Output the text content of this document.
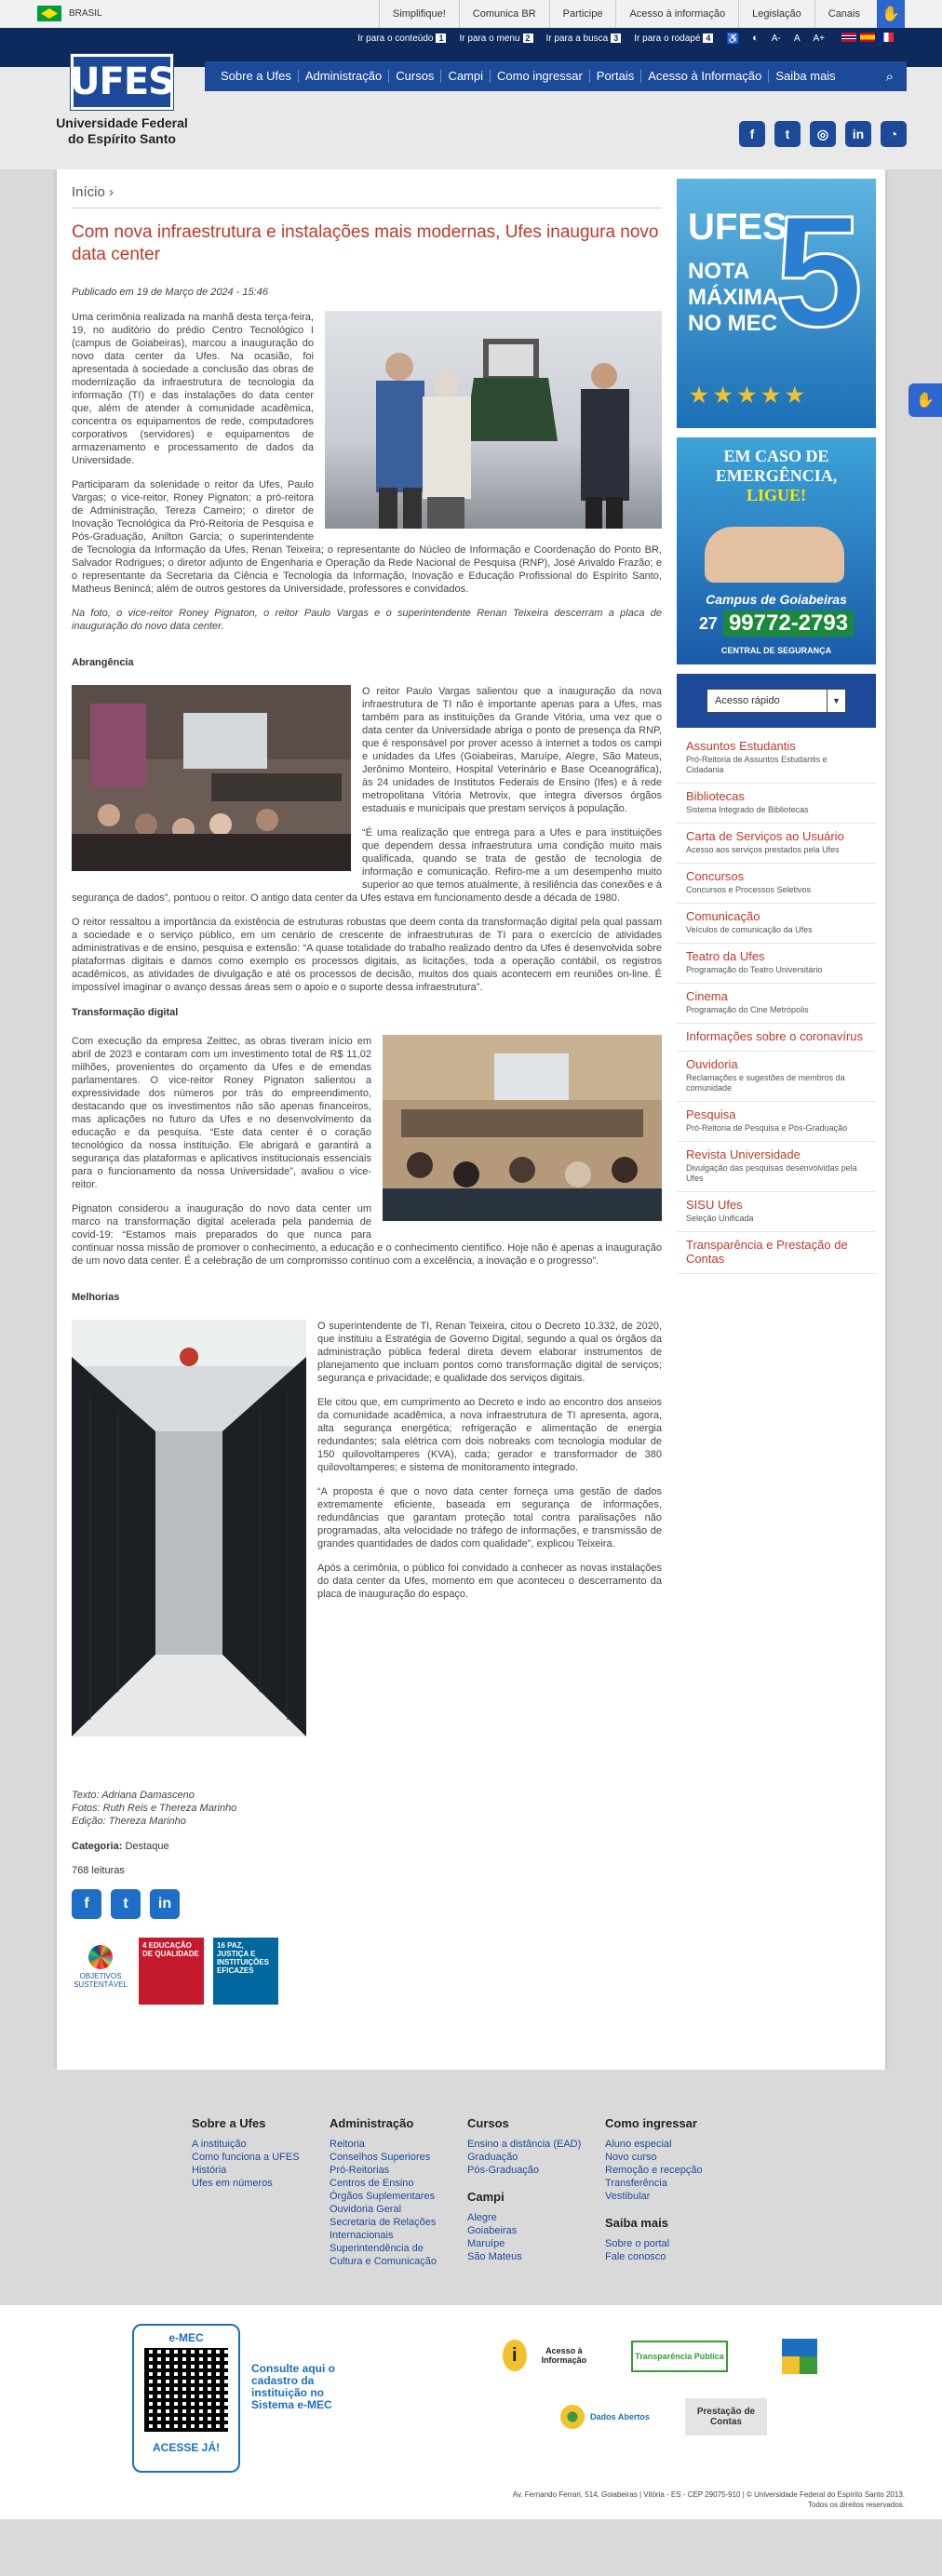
BRASIL	Simplifique!	Comunica BR	Participe	Acesso à informação	Legislação	Canais	✋
Ir para o conteúdo 1	Ir para o menu 2	Ir para a busca 3	Ir para o rodapé 4 ♿ ◐ A- A A+
UFES
Universidade Federal
do Espírito Santo	f	t	◎	in	◔
Sobre a Ufes	Administração	Cursos	Campi	Como ingressar	Portais	Acesso à Informação	Saiba mais	⌕
✋
Início ›
Com nova infraestrutura e instalações mais modernas, Ufes inaugura novo data center
Publicado em 19 de Março de 2024 - 15:46

Uma cerimônia realizada na manhã desta terça-feira, 19, no auditório do prédio Centro Tecnológico I (campus de Goiabeiras), marcou a inauguração do novo data center da Ufes. Na ocasião, foi apresentada à sociedade a conclusão das obras de modernização da infraestrutura de tecnologia da informação (TI) e das instalações do data center que, além de atender à comunidade acadêmica, concentra os equipamentos de rede, computadores corporativos (servidores) e equipamentos de armazenamento e processamento de dados da Universidade.

Participaram da solenidade o reitor da Ufes, Paulo Vargas; o vice-reitor, Roney Pignaton; a pró-reitora de Administração, Tereza Carneiro; o diretor de Inovação Tecnológica da Pró-Reitoria de Pesquisa e Pós-Graduação, Anilton Garcia; o superintendente de Tecnologia da Informação da Ufes, Renan Teixeira; o representante do Núcleo de Informação e Coordenação do Ponto BR, Salvador Rodrigues; o diretor adjunto de Engenharia e Operação da Rede Nacional de Pesquisa (RNP), José Arivaldo Frazão; e o representante da Secretaria da Ciência e Tecnologia da Informação, Inovação e Educação Profissional do Espírito Santo, Matheus Benincá; além de outros gestores da Universidade, professores e convidados.

Na foto, o vice-reitor Roney Pignaton, o reitor Paulo Vargas e o superintendente Renan Teixeira descerram a placa de inauguração do novo data center.

Abrangência

O reitor Paulo Vargas salientou que a inauguração da nova infraestrutura de TI não é importante apenas para a Ufes, mas também para as instituições da Grande Vitória, uma vez que o data center da Universidade abriga o ponto de presença da RNP, que é responsável por prover acesso à internet a todos os campi e unidades da Ufes (Goiabeiras, Maruípe, Alegre, São Mateus, Jerônimo Monteiro, Hospital Veterinário e Base Oceanográfica), às 24 unidades de Institutos Federais de Ensino (Ifes) e à rede metropolitana Vitória Metrovix, que integra diversos órgãos estaduais e municipais que prestam serviços à população.

“É uma realização que entrega para a Ufes e para instituições que dependem dessa infraestrutura uma condição muito mais qualificada, quando se trata de gestão de tecnologia de informação e comunicação. Refiro-me a um desempenho muito superior ao que temos atualmente, à resiliência das conexões e à segurança de dados”, pontuou o reitor. O antigo data center da Ufes estava em funcionamento desde a década de 1980.

O reitor ressaltou a importância da existência de estruturas robustas que deem conta da transformação digital pela qual passam a sociedade e o serviço público, em um cenário de crescente de infraestruturas de TI para o exercício de atividades administrativas e de ensino, pesquisa e extensão: “A quase totalidade do trabalho realizado dentro da Ufes é desenvolvida sobre plataformas digitais e damos como exemplo os processos digitais, as licitações, toda a operação contábil, os registros acadêmicos, as atividades de divulgação e até os processos de decisão, muitos dos quais acontecem em reuniões on-line. É impossível imaginar o avanço dessas áreas sem o apoio e o suporte dessa infraestrutura”.

Transformação digital

Com execução da empresa Zeittec, as obras tiveram início em abril de 2023 e contaram com um investimento total de R$ 11,02 milhões, provenientes do orçamento da Ufes e de emendas parlamentares. O vice-reitor Roney Pignaton salientou a expressividade dos números por trás do empreendimento, destacando que os investimentos não são apenas financeiros, mas aplicações no futuro da Ufes e no desenvolvimento da educação e da pesquisa. “Este data center é o coração tecnológico da nossa instituição. Ele abrigará e garantirá a segurança das plataformas e aplicativos institucionais essenciais para o funcionamento da nossa Universidade”, avaliou o vice-reitor.

Pignaton considerou a inauguração do novo data center um marco na transformação digital acelerada pela pandemia de covid-19: “Estamos mais preparados do que nunca para continuar nossa missão de promover o conhecimento, a educação e o conhecimento científico. Hoje não é apenas a inauguração de um novo data center. É a celebração de um compromisso contínuo com a excelência, a inovação e o progresso”.

Melhorias

O superintendente de TI, Renan Teixeira, citou o Decreto 10.332, de 2020, que instituiu a Estratégia de Governo Digital, segundo a qual os órgãos da administração pública federal direta devem elaborar instrumentos de planejamento que incluam pontos como transformação digital de serviços; segurança e privacidade; e qualidade dos serviços digitais.

Ele citou que, em cumprimento ao Decreto e indo ao encontro dos anseios da comunidade acadêmica, a nova infraestrutura de TI apresenta, agora, alta segurança energética; refrigeração e alimentação de energia redundantes; sala elétrica com dois nobreaks com tecnologia modular de 150 quilovoltamperes (KVA), cada; gerador e transformador de 380 quilovoltamperes; e sistema de monitoramento integrado.

“A proposta é que o novo data center forneça uma gestão de dados extremamente eficiente, baseada em segurança de informações, redundâncias que garantam proteção total contra paralisações não programadas, alta velocidade no tráfego de informações, e transmissão de grandes quantidades de dados com qualidade”, explicou Teixeira.

Após a cerimônia, o público foi convidado a conhecer as novas instalações do data center da Ufes, momento em que aconteceu o descerramento da placa de inauguração do espaço.

Texto: Adriana Damasceno
Fotos: Ruth Reis e Thereza Marinho
Edição: Thereza Marinho
Categoria: Destaque
768 leituras
f	t	in
OBJETIVOS SUSTENTÁVEL
4 EDUCAÇÃO DE QUALIDADE
16 PAZ, JUSTIÇA E INSTITUIÇÕES EFICAZES
UFES
NOTA
MÁXIMA
NO MEC
5
★★★★★
EM CASO DE
EMERGÊNCIA,
LIGUE!
Campus de Goiabeiras
27 99772-2793
CENTRAL DE SEGURANÇA
Acesso rápido	▼
Assuntos Estudantis
Pró-Reitoria de Assuntos Estudantis e Cidadania
Bibliotecas
Sistema Integrado de Bibliotecas
Carta de Serviços ao Usuário
Acesso aos serviços prestados pela Ufes
Concursos
Concursos e Processos Seletivos
Comunicação
Veículos de comunicação da Ufes
Teatro da Ufes
Programação do Teatro Universitário
Cinema
Programação do Cine Metrópolis
Informações sobre o coronavírus
Ouvidoria
Reclamações e sugestões de membros da comunidade
Pesquisa
Pró-Reitoria de Pesquisa e Pós-Graduação
Revista Universidade
Divulgação das pesquisas desenvolvidas pela Ufes
SISU Ufes
Seleção Unificada
Transparência e Prestação de Contas
Sobre a Ufes
A instituição
Como funciona a UFES
História
Ufes em números
Administração
Reitoria
Conselhos Superiores
Pró-Reitorias
Centros de Ensino
Órgãos Suplementares
Ouvidoria Geral
Secretaria de Relações Internacionais
Superintendência de Cultura e Comunicação
Cursos
Ensino a distância (EAD)
Graduação
Pós-Graduação
Campi
Alegre
Goiabeiras
Maruípe
São Mateus
Como ingressar
Aluno especial
Novo curso
Remoção e recepção
Transferência
Vestibular
Saiba mais
Sobre o portal
Fale conosco
e-MEC
ACESSE JÁ!
Consulte aqui o cadastro da instituição no Sistema e-MEC
i	Acesso à Informação	Transparência Pública
Dados Abertos	Prestação de Contas
Av. Fernando Ferrari, 514, Goiabeiras | Vitória - ES - CEP 29075-910 | © Universidade Federal do Espírito Santo 2013.
Todos os direitos reservados.
